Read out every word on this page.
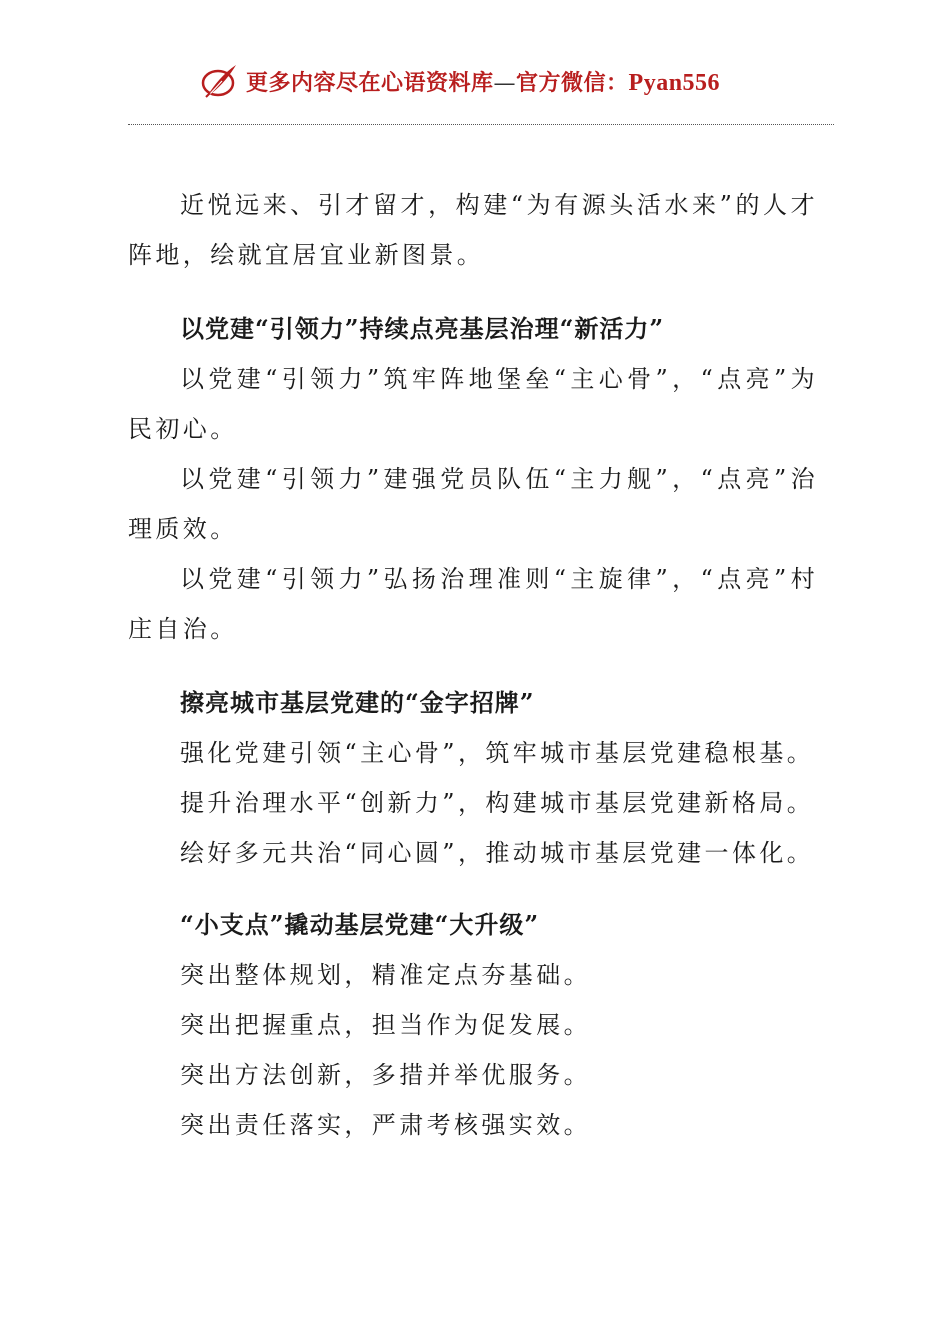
更多内容尽在心语资料库—官方微信：Pyan556

近悦远来、引才留才，构建“为有源头活水来”的人才阵地，绘就宜居宜业新图景。

以党建“引领力”持续点亮基层治理“新活力”

以党建“引领力”筑牢阵地堡垒“主心骨”，“点亮”为民初心。

以党建“引领力”建强党员队伍“主力舰”，“点亮”治理质效。

以党建“引领力”弘扬治理准则“主旋律”，“点亮”村庄自治。

擦亮城市基层党建的“金字招牌”

强化党建引领“主心骨”，筑牢城市基层党建稳根基。

提升治理水平“创新力”，构建城市基层党建新格局。

绘好多元共治“同心圆”，推动城市基层党建一体化。

“小支点”撬动基层党建“大升级”

突出整体规划，精准定点夯基础。

突出把握重点，担当作为促发展。

突出方法创新，多措并举优服务。

突出责任落实，严肃考核强实效。
